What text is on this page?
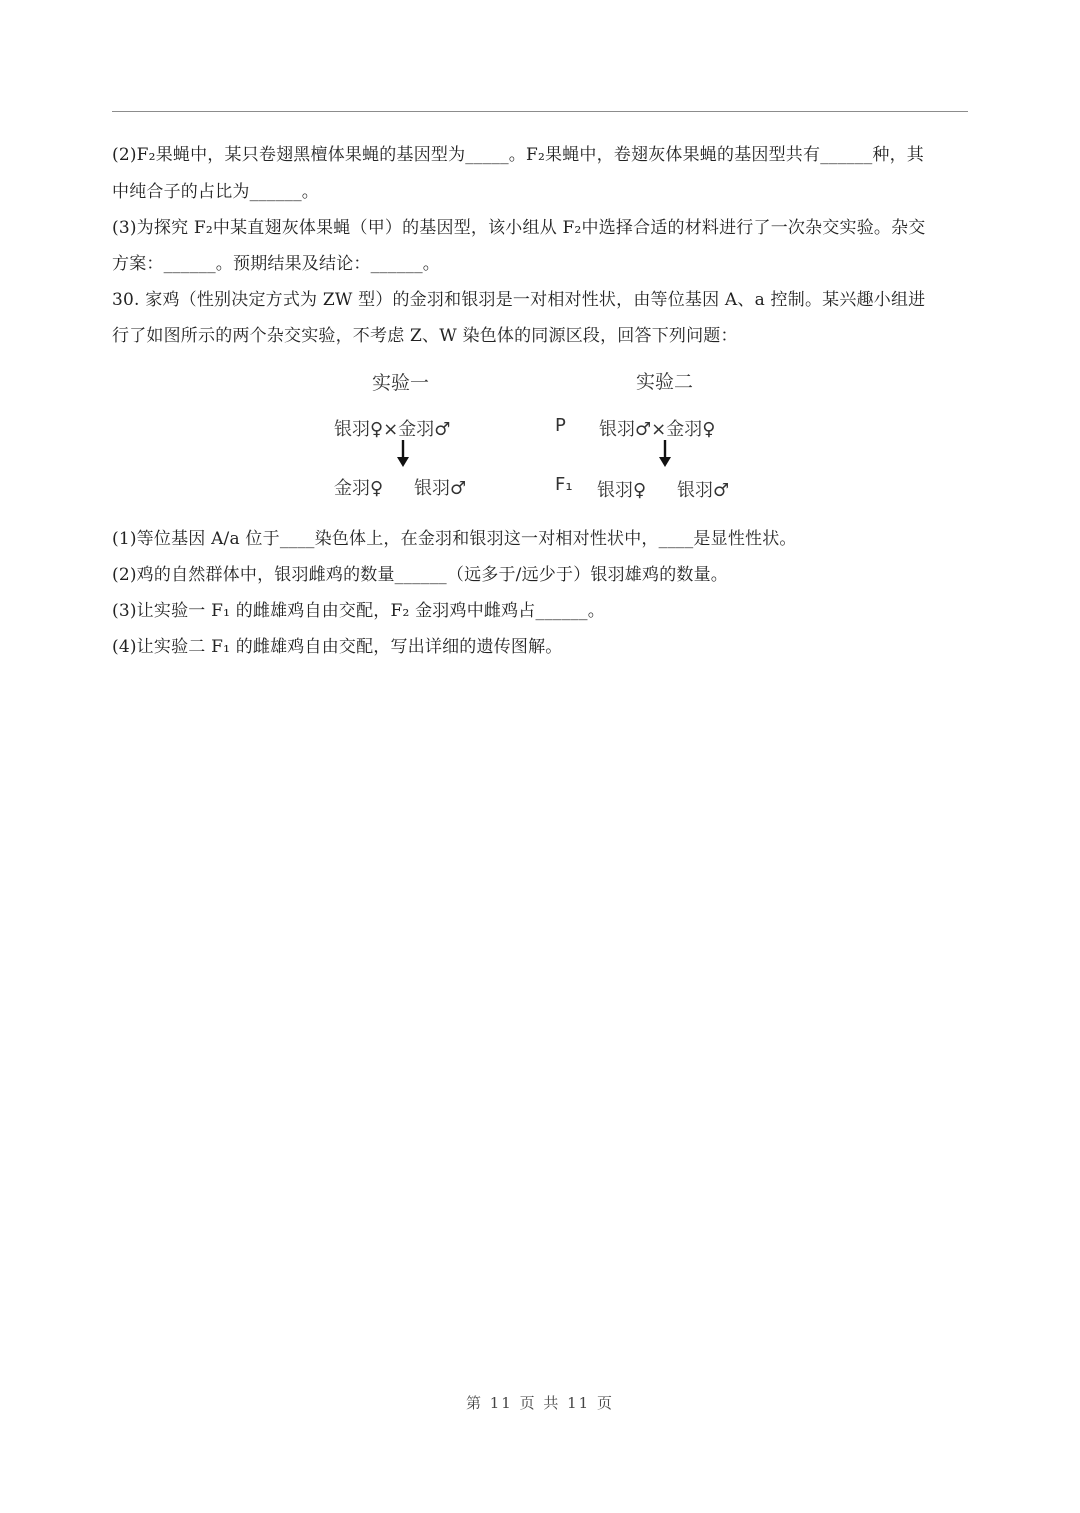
(2)F₂果蝇中，某只卷翅黑檀体果蝇的基因型为_____。F₂果蝇中，卷翅灰体果蝇的基因型共有______种，其
中纯合子的占比为______。
(3)为探究 F₂中某直翅灰体果蝇（甲）的基因型，该小组从 F₂中选择合适的材料进行了一次杂交实验。杂交
方案：______。预期结果及结论：______。
30. 家鸡（性别决定方式为 ZW 型）的金羽和银羽是一对相对性状，由等位基因 A、a 控制。某兴趣小组进
行了如图所示的两个杂交实验，不考虑 Z、W 染色体的同源区段，回答下列问题：
实验一
银羽♀×金羽♂
金羽♀ 银羽♂
实验二
P 银羽♂×金羽♀
F₁ 银羽♀ 银羽♂
(1)等位基因 A/a 位于____染色体上，在金羽和银羽这一对相对性状中，____是显性性状。
(2)鸡的自然群体中，银羽雌鸡的数量______（远多于/远少于）银羽雄鸡的数量。
(3)让实验一 F₁ 的雌雄鸡自由交配，F₂ 金羽鸡中雌鸡占______。
(4)让实验二 F₁ 的雌雄鸡自由交配，写出详细的遗传图解。
第 11 页 共 11 页
